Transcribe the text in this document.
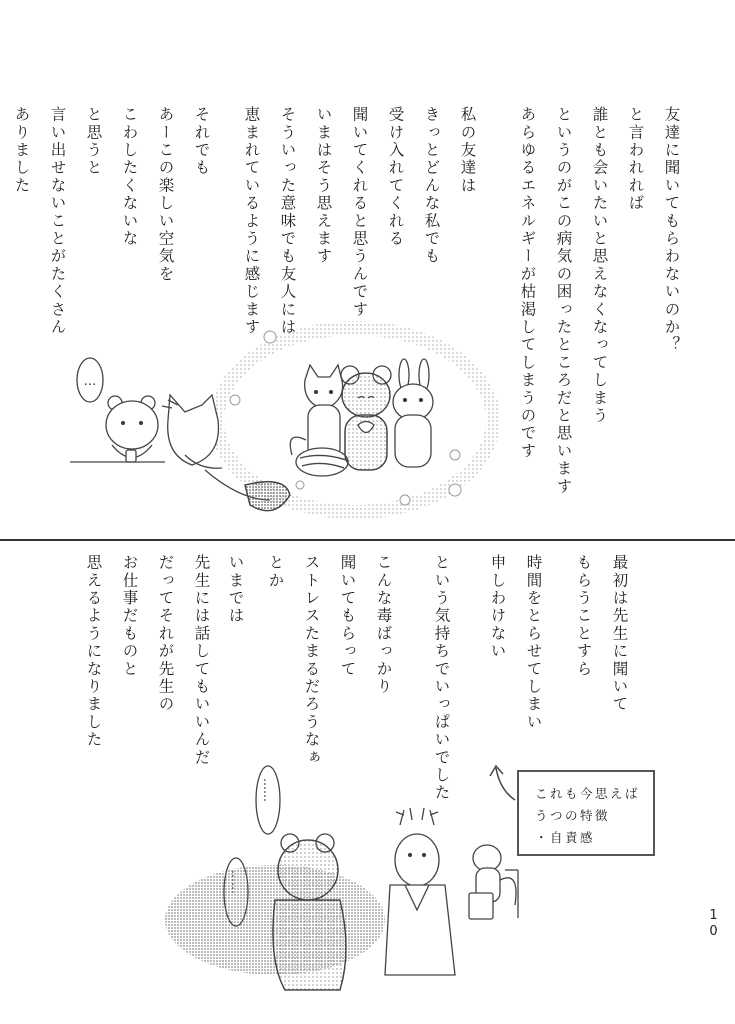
友達に聞いてもらわないのか？
と言われれば
誰とも会いたいと思えなくなってしまう
というのがこの病気の困ったところだと思います
あらゆるエネルギーが枯渇してしまうのです
私の友達は
きっとどんな私でも
受け入れてくれる
聞いてくれると思うんです
いまはそう思えます
そういった意味でも友人には
恵まれているように感じます
それでも
あーこの楽しい空気を
こわしたくないな
と思うと
言い出せないことがたくさん
ありました
…
最初は先生に聞いて
もらうことすら
時間をとらせてしまい
申しわけない
という気持ちでいっぱいでした
こんな毒ばっかり
聞いてもらって
ストレスたまるだろうなぁ
とか
いまでは
先生には話してもいいんだ
だってそれが先生の
お仕事だものと
思えるようになりました
これも今思えば
うつの特徴
・自責感
……
10
